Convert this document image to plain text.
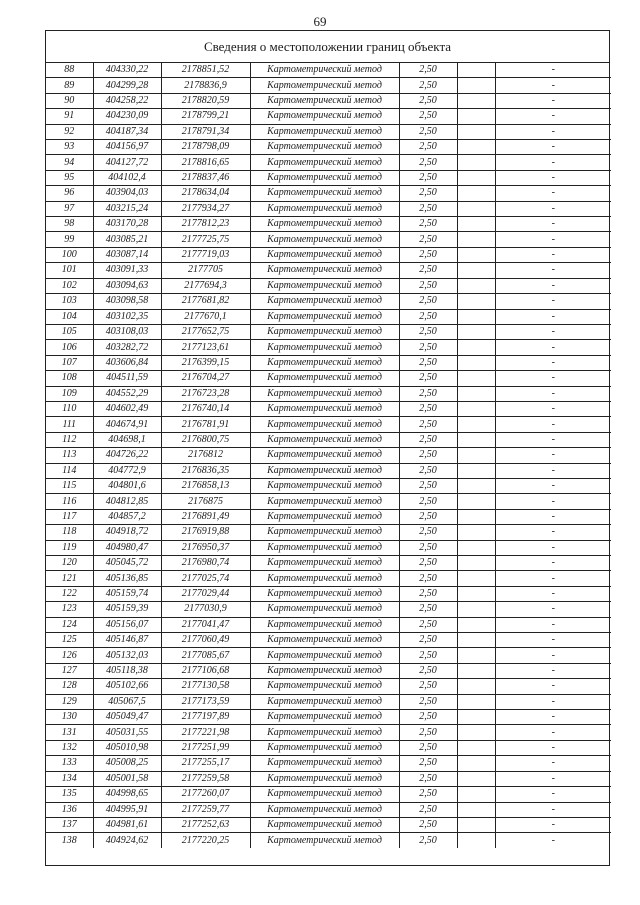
69
Сведения о местоположении границ объекта
88	404330,22	2178851,52	Картометрический метод	2,50		-
89	404299,28	2178836,9	Картометрический метод	2,50		-
90	404258,22	2178820,59	Картометрический метод	2,50		-
91	404230,09	2178799,21	Картометрический метод	2,50		-
92	404187,34	2178791,34	Картометрический метод	2,50		-
93	404156,97	2178798,09	Картометрический метод	2,50		-
94	404127,72	2178816,65	Картометрический метод	2,50		-
95	404102,4	2178837,46	Картометрический метод	2,50		-
96	403904,03	2178634,04	Картометрический метод	2,50		-
97	403215,24	2177934,27	Картометрический метод	2,50		-
98	403170,28	2177812,23	Картометрический метод	2,50		-
99	403085,21	2177725,75	Картометрический метод	2,50		-
100	403087,14	2177719,03	Картометрический метод	2,50		-
101	403091,33	2177705	Картометрический метод	2,50		-
102	403094,63	2177694,3	Картометрический метод	2,50		-
103	403098,58	2177681,82	Картометрический метод	2,50		-
104	403102,35	2177670,1	Картометрический метод	2,50		-
105	403108,03	2177652,75	Картометрический метод	2,50		-
106	403282,72	2177123,61	Картометрический метод	2,50		-
107	403606,84	2176399,15	Картометрический метод	2,50		-
108	404511,59	2176704,27	Картометрический метод	2,50		-
109	404552,29	2176723,28	Картометрический метод	2,50		-
110	404602,49	2176740,14	Картометрический метод	2,50		-
111	404674,91	2176781,91	Картометрический метод	2,50		-
112	404698,1	2176800,75	Картометрический метод	2,50		-
113	404726,22	2176812	Картометрический метод	2,50		-
114	404772,9	2176836,35	Картометрический метод	2,50		-
115	404801,6	2176858,13	Картометрический метод	2,50		-
116	404812,85	2176875	Картометрический метод	2,50		-
117	404857,2	2176891,49	Картометрический метод	2,50		-
118	404918,72	2176919,88	Картометрический метод	2,50		-
119	404980,47	2176950,37	Картометрический метод	2,50		-
120	405045,72	2176980,74	Картометрический метод	2,50		-
121	405136,85	2177025,74	Картометрический метод	2,50		-
122	405159,74	2177029,44	Картометрический метод	2,50		-
123	405159,39	2177030,9	Картометрический метод	2,50		-
124	405156,07	2177041,47	Картометрический метод	2,50		-
125	405146,87	2177060,49	Картометрический метод	2,50		-
126	405132,03	2177085,67	Картометрический метод	2,50		-
127	405118,38	2177106,68	Картометрический метод	2,50		-
128	405102,66	2177130,58	Картометрический метод	2,50		-
129	405067,5	2177173,59	Картометрический метод	2,50		-
130	405049,47	2177197,89	Картометрический метод	2,50		-
131	405031,55	2177221,98	Картометрический метод	2,50		-
132	405010,98	2177251,99	Картометрический метод	2,50		-
133	405008,25	2177255,17	Картометрический метод	2,50		-
134	405001,58	2177259,58	Картометрический метод	2,50		-
135	404998,65	2177260,07	Картометрический метод	2,50		-
136	404995,91	2177259,77	Картометрический метод	2,50		-
137	404981,61	2177252,63	Картометрический метод	2,50		-
138	404924,62	2177220,25	Картометрический метод	2,50		-
